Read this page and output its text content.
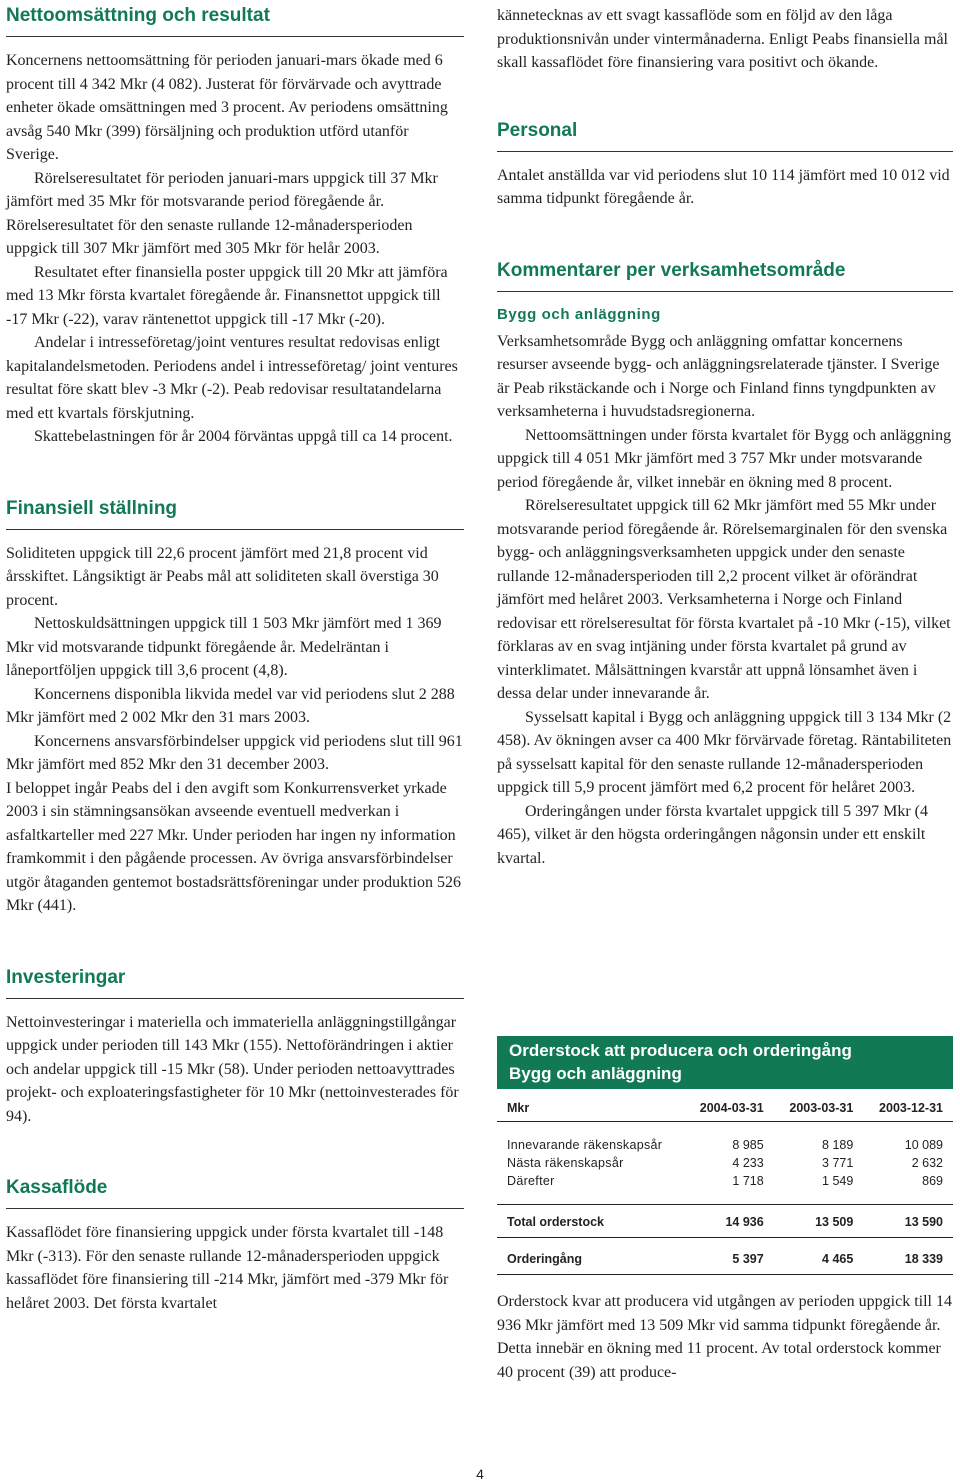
Nettoomsättning och resultat

Koncernens nettoomsättning för perioden januari-mars ökade med 6 procent till 4 342 Mkr (4 082). Justerat för förvärvade och avyttrade enheter ökade omsättningen med 3 procent. Av periodens omsättning avsåg 540 Mkr (399) försäljning och produktion utförd utanför Sverige.

Rörelseresultatet för perioden januari-mars uppgick till 37 Mkr jämfört med 35 Mkr för motsvarande period föregående år. Rörelseresultatet för den senaste rullande 12-månadersperioden uppgick till 307 Mkr jämfört med 305 Mkr för helår 2003.

Resultatet efter finansiella poster uppgick till 20 Mkr att jämföra med 13 Mkr första kvartalet föregående år. Finansnettot uppgick till -17 Mkr (-22), varav räntenettot uppgick till -17 Mkr (-20).

Andelar i intresseföretag/joint ventures resultat redovisas enligt kapitalandelsmetoden. Periodens andel i intresseföretag/ joint ventures resultat före skatt blev -3 Mkr (-2). Peab redovisar resultatandelarna med ett kvartals förskjutning.

Skattebelastningen för år 2004 förväntas uppgå till ca 14 procent.

Finansiell ställning

Soliditeten uppgick till 22,6 procent jämfört med 21,8 procent vid årsskiftet. Långsiktigt är Peabs mål att soliditeten skall överstiga 30 procent.

Nettoskuldsättningen uppgick till 1 503 Mkr jämfört med 1 369 Mkr vid motsvarande tidpunkt föregående år. Medelräntan i låneportföljen uppgick till 3,6 procent (4,8).

Koncernens disponibla likvida medel var vid periodens slut 2 288 Mkr jämfört med 2 002 Mkr den 31 mars 2003.

Koncernens ansvarsförbindelser uppgick vid periodens slut till 961 Mkr jämfört med 852 Mkr den 31 december 2003.

I beloppet ingår Peabs del i den avgift som Konkurrensverket yrkade 2003 i sin stämningsansökan avseende eventuell medverkan i asfaltkarteller med 227 Mkr. Under perioden har ingen ny information framkommit i den pågående processen. Av övriga ansvarsförbindelser utgör åtaganden gentemot bostadsrättsföreningar under produktion 526 Mkr (441).

Investeringar

Nettoinvesteringar i materiella och immateriella anläggningstillgångar uppgick under perioden till 143 Mkr (155). Nettoförändringen i aktier och andelar uppgick till -15 Mkr (58). Under perioden nettoavyttrades projekt- och exploateringsfastigheter för 10 Mkr (nettoinvesterades för 94).

Kassaflöde

Kassaflödet före finansiering uppgick under första kvartalet till -148 Mkr (-313). För den senaste rullande 12-månadersperioden uppgick kassaflödet före finansiering till -214 Mkr, jämfört med -379 Mkr för helåret 2003. Det första kvartalet

kännetecknas av ett svagt kassaflöde som en följd av den låga produktionsnivån under vintermånaderna. Enligt Peabs finansiella mål skall kassaflödet före finansiering vara positivt och ökande.

Personal

Antalet anställda var vid periodens slut 10 114 jämfört med 10 012 vid samma tidpunkt föregående år.

Kommentarer per verksamhetsområde
Bygg och anläggning

Verksamhetsområde Bygg och anläggning omfattar koncernens resurser avseende bygg- och anläggningsrelaterade tjänster. I Sverige är Peab rikstäckande och i Norge och Finland finns tyngdpunkten av verksamheterna i huvudstadsregionerna.

Nettoomsättningen under första kvartalet för Bygg och anläggning uppgick till 4 051 Mkr jämfört med 3 757 Mkr under motsvarande period föregående år, vilket innebär en ökning med 8 procent.

Rörelseresultatet uppgick till 62 Mkr jämfört med 55 Mkr under motsvarande period föregående år. Rörelsemarginalen för den svenska bygg- och anläggningsverksamheten uppgick under den senaste rullande 12-månadersperioden till 2,2 procent vilket är oförändrat jämfört med helåret 2003. Verksamheterna i Norge och Finland redovisar ett rörelseresultat för första kvartalet på -10 Mkr (-15), vilket förklaras av en svag intjäning under första kvartalet på grund av vinterklimatet. Målsättningen kvarstår att uppnå lönsamhet även i dessa delar under innevarande år.

Sysselsatt kapital i Bygg och anläggning uppgick till 3 134 Mkr (2 458). Av ökningen avser ca 400 Mkr förvärvade företag. Räntabiliteten på sysselsatt kapital för den senaste rullande 12-månadersperioden uppgick till 5,9 procent jämfört med 6,2 procent för helåret 2003.

Orderingången under första kvartalet uppgick till 5 397 Mkr (4 465), vilket är den högsta orderingången någonsin under ett enskilt kvartal.

Orderstock att producera och orderingång
Bygg och anläggning
Mkr	2004-03-31	2003-03-31	2003-12-31

Innevarande räkenskapsår	8 985	8 189	10 089
Nästa räkenskapsår	4 233	3 771	2 632
Därefter	1 718	1 549	869

Total orderstock	14 936	13 509	13 590
Orderingång	5 397	4 465	18 339

Orderstock kvar att producera vid utgången av perioden uppgick till 14 936 Mkr jämfört med 13 509 Mkr vid samma tidpunkt föregående år. Detta innebär en ökning med 11 procent. Av total orderstock kommer 40 procent (39) att produce-

4
